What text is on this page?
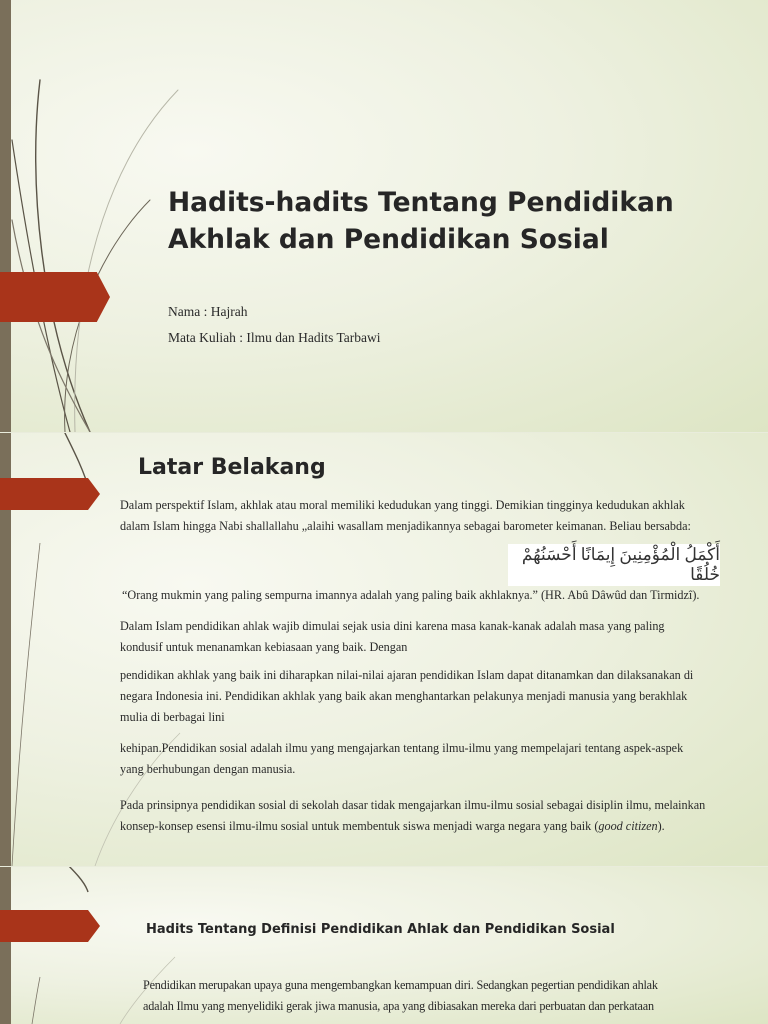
Hadits-hadits Tentang Pendidikan
Akhlak dan Pendidikan Sosial
Nama : Hajrah
Mata Kuliah : Ilmu dan Hadits Tarbawi
Latar Belakang
Dalam perspektif Islam, akhlak atau moral memiliki kedudukan yang tinggi. Demikian tingginya kedudukan akhlak
dalam Islam hingga Nabi shallallahu „alaihi wasallam menjadikannya sebagai barometer keimanan. Beliau bersabda:
“Orang mukmin yang paling sempurna imannya adalah yang paling baik akhlaknya.” (HR. Abû Dâwûd dan Tirmidzî).
Dalam Islam pendidikan ahlak wajib dimulai sejak usia dini karena masa kanak-kanak adalah masa yang paling
kondusif untuk menanamkan kebiasaan yang baik. Dengan
pendidikan akhlak yang baik ini diharapkan nilai-nilai ajaran pendidikan Islam dapat ditanamkan dan dilaksanakan di
negara Indonesia ini. Pendidikan akhlak yang baik akan menghantarkan pelakunya menjadi manusia yang berakhlak
mulia di berbagai lini
kehipan.Pendidikan sosial adalah ilmu yang mengajarkan tentang ilmu-ilmu yang mempelajari tentang aspek-aspek
yang berhubungan dengan manusia.
Pada prinsipnya pendidikan sosial di sekolah dasar tidak mengajarkan ilmu-ilmu sosial sebagai disiplin ilmu, melainkan
konsep-konsep esensi ilmu-ilmu sosial untuk membentuk siswa menjadi warga negara yang baik (good citizen).
أَكْمَلُ الْمُؤْمِنِينَ إِيمَانًا أَحْسَنُهُمْ خُلُقًا
Hadits Tentang Definisi Pendidikan Ahlak dan Pendidikan Sosial
Pendidikan merupakan upaya guna mengembangkan kemampuan diri. Sedangkan pegertian pendidikan ahlak
adalah Ilmu yang menyelidiki gerak jiwa manusia, apa yang dibiasakan mereka dari perbuatan dan perkataan
